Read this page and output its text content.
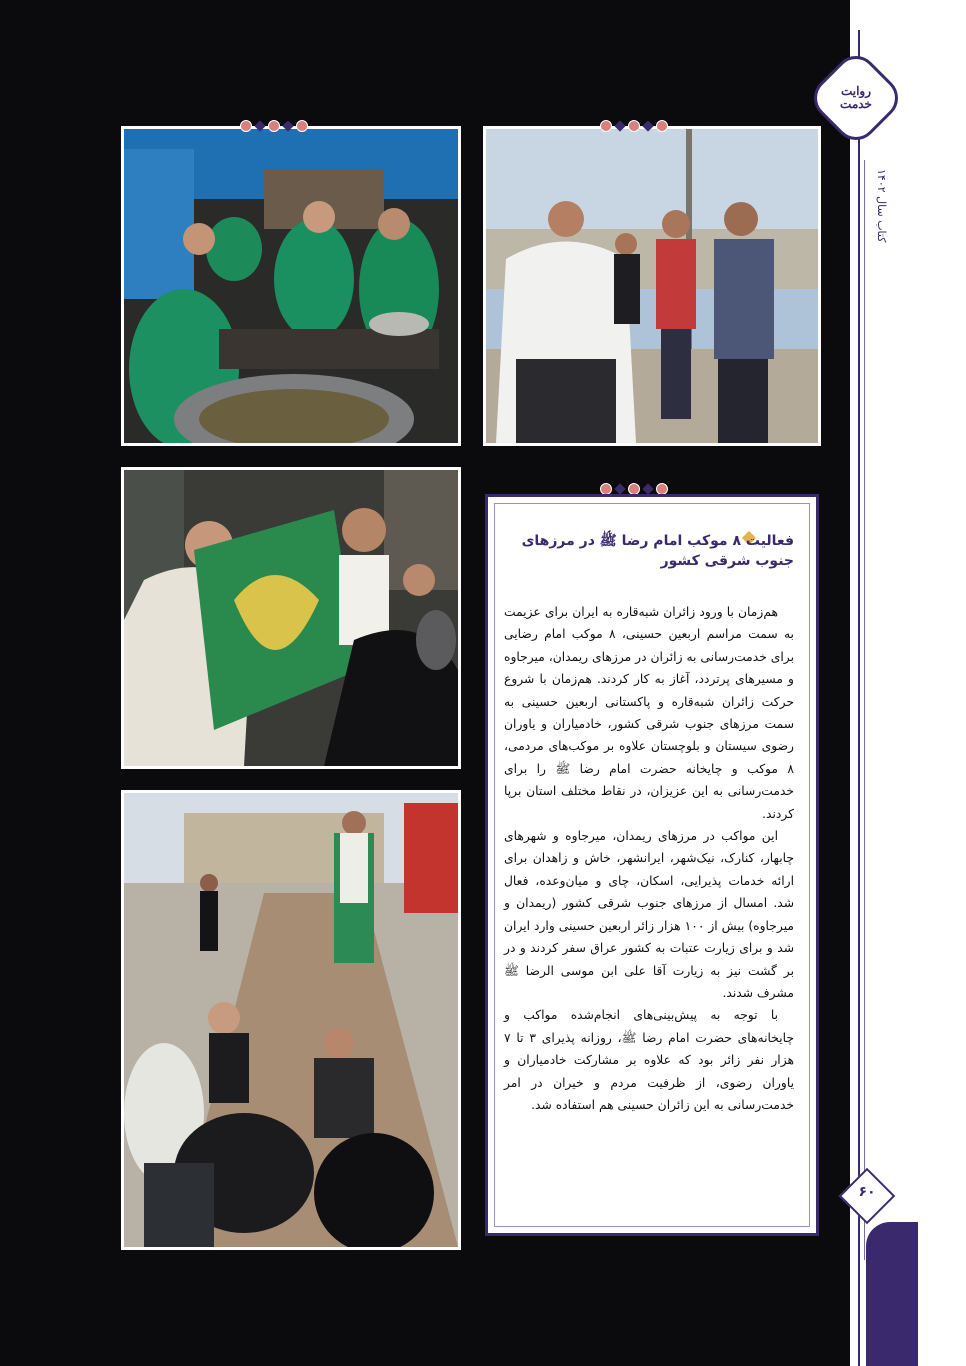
روایت خدمت
کتاب سال ۱۴۰۲
۶۰
فعالیت ۸ موکب امام رضا ﷺ در مرزهای
جنوب شرقی کشور

هم‌زمان با ورود زائران شبه‌قاره به ایران برای عزیمت به سمت مراسم اربعین حسینی، ۸ موکب امام رضایی برای خدمت‌رسانی به زائران در مرزهای ریمدان، میرجاوه و مسیرهای پرتردد، آغاز به کار کردند. هم‌زمان با شروع حرکت زائران شبه‌قاره و پاکستانی اربعین حسینی به سمت مرزهای جنوب شرقی کشور، خادمیاران و یاوران رضوی سیستان و بلوچستان علاوه بر موکب‌های مردمی، ۸ موکب و چایخانه حضرت امام رضا ﷺ را برای خدمت‌رسانی به این عزیزان، در نقاط مختلف استان برپا کردند.

این مواکب در مرزهای ریمدان، میرجاوه و شهرهای چابهار، کنارک، نیک‌شهر، ایرانشهر، خاش و زاهدان برای ارائه خدمات پذیرایی، اسکان، چای و میان‌وعده، فعال شد. امسال از مرزهای جنوب شرقی کشور (ریمدان و میرجاوه) بیش از ۱۰۰ هزار زائر اربعین حسینی وارد ایران شد و برای زیارت عتبات به کشور عراق سفر کردند و در بر گشت نیز به زیارت آقا علی ابن موسی الرضا ﷺ مشرف شدند.

با توجه به پیش‌بینی‌های انجام‌شده مواکب و چایخانه‌های حضرت امام رضا ﷺ، روزانه پذیرای ۳ تا ۷ هزار نفر زائر بود که علاوه بر مشارکت خادمیاران و یاوران رضوی، از ظرفیت مردم و خیران در امر خدمت‌رسانی به این زائران حسینی هم استفاده شد.
